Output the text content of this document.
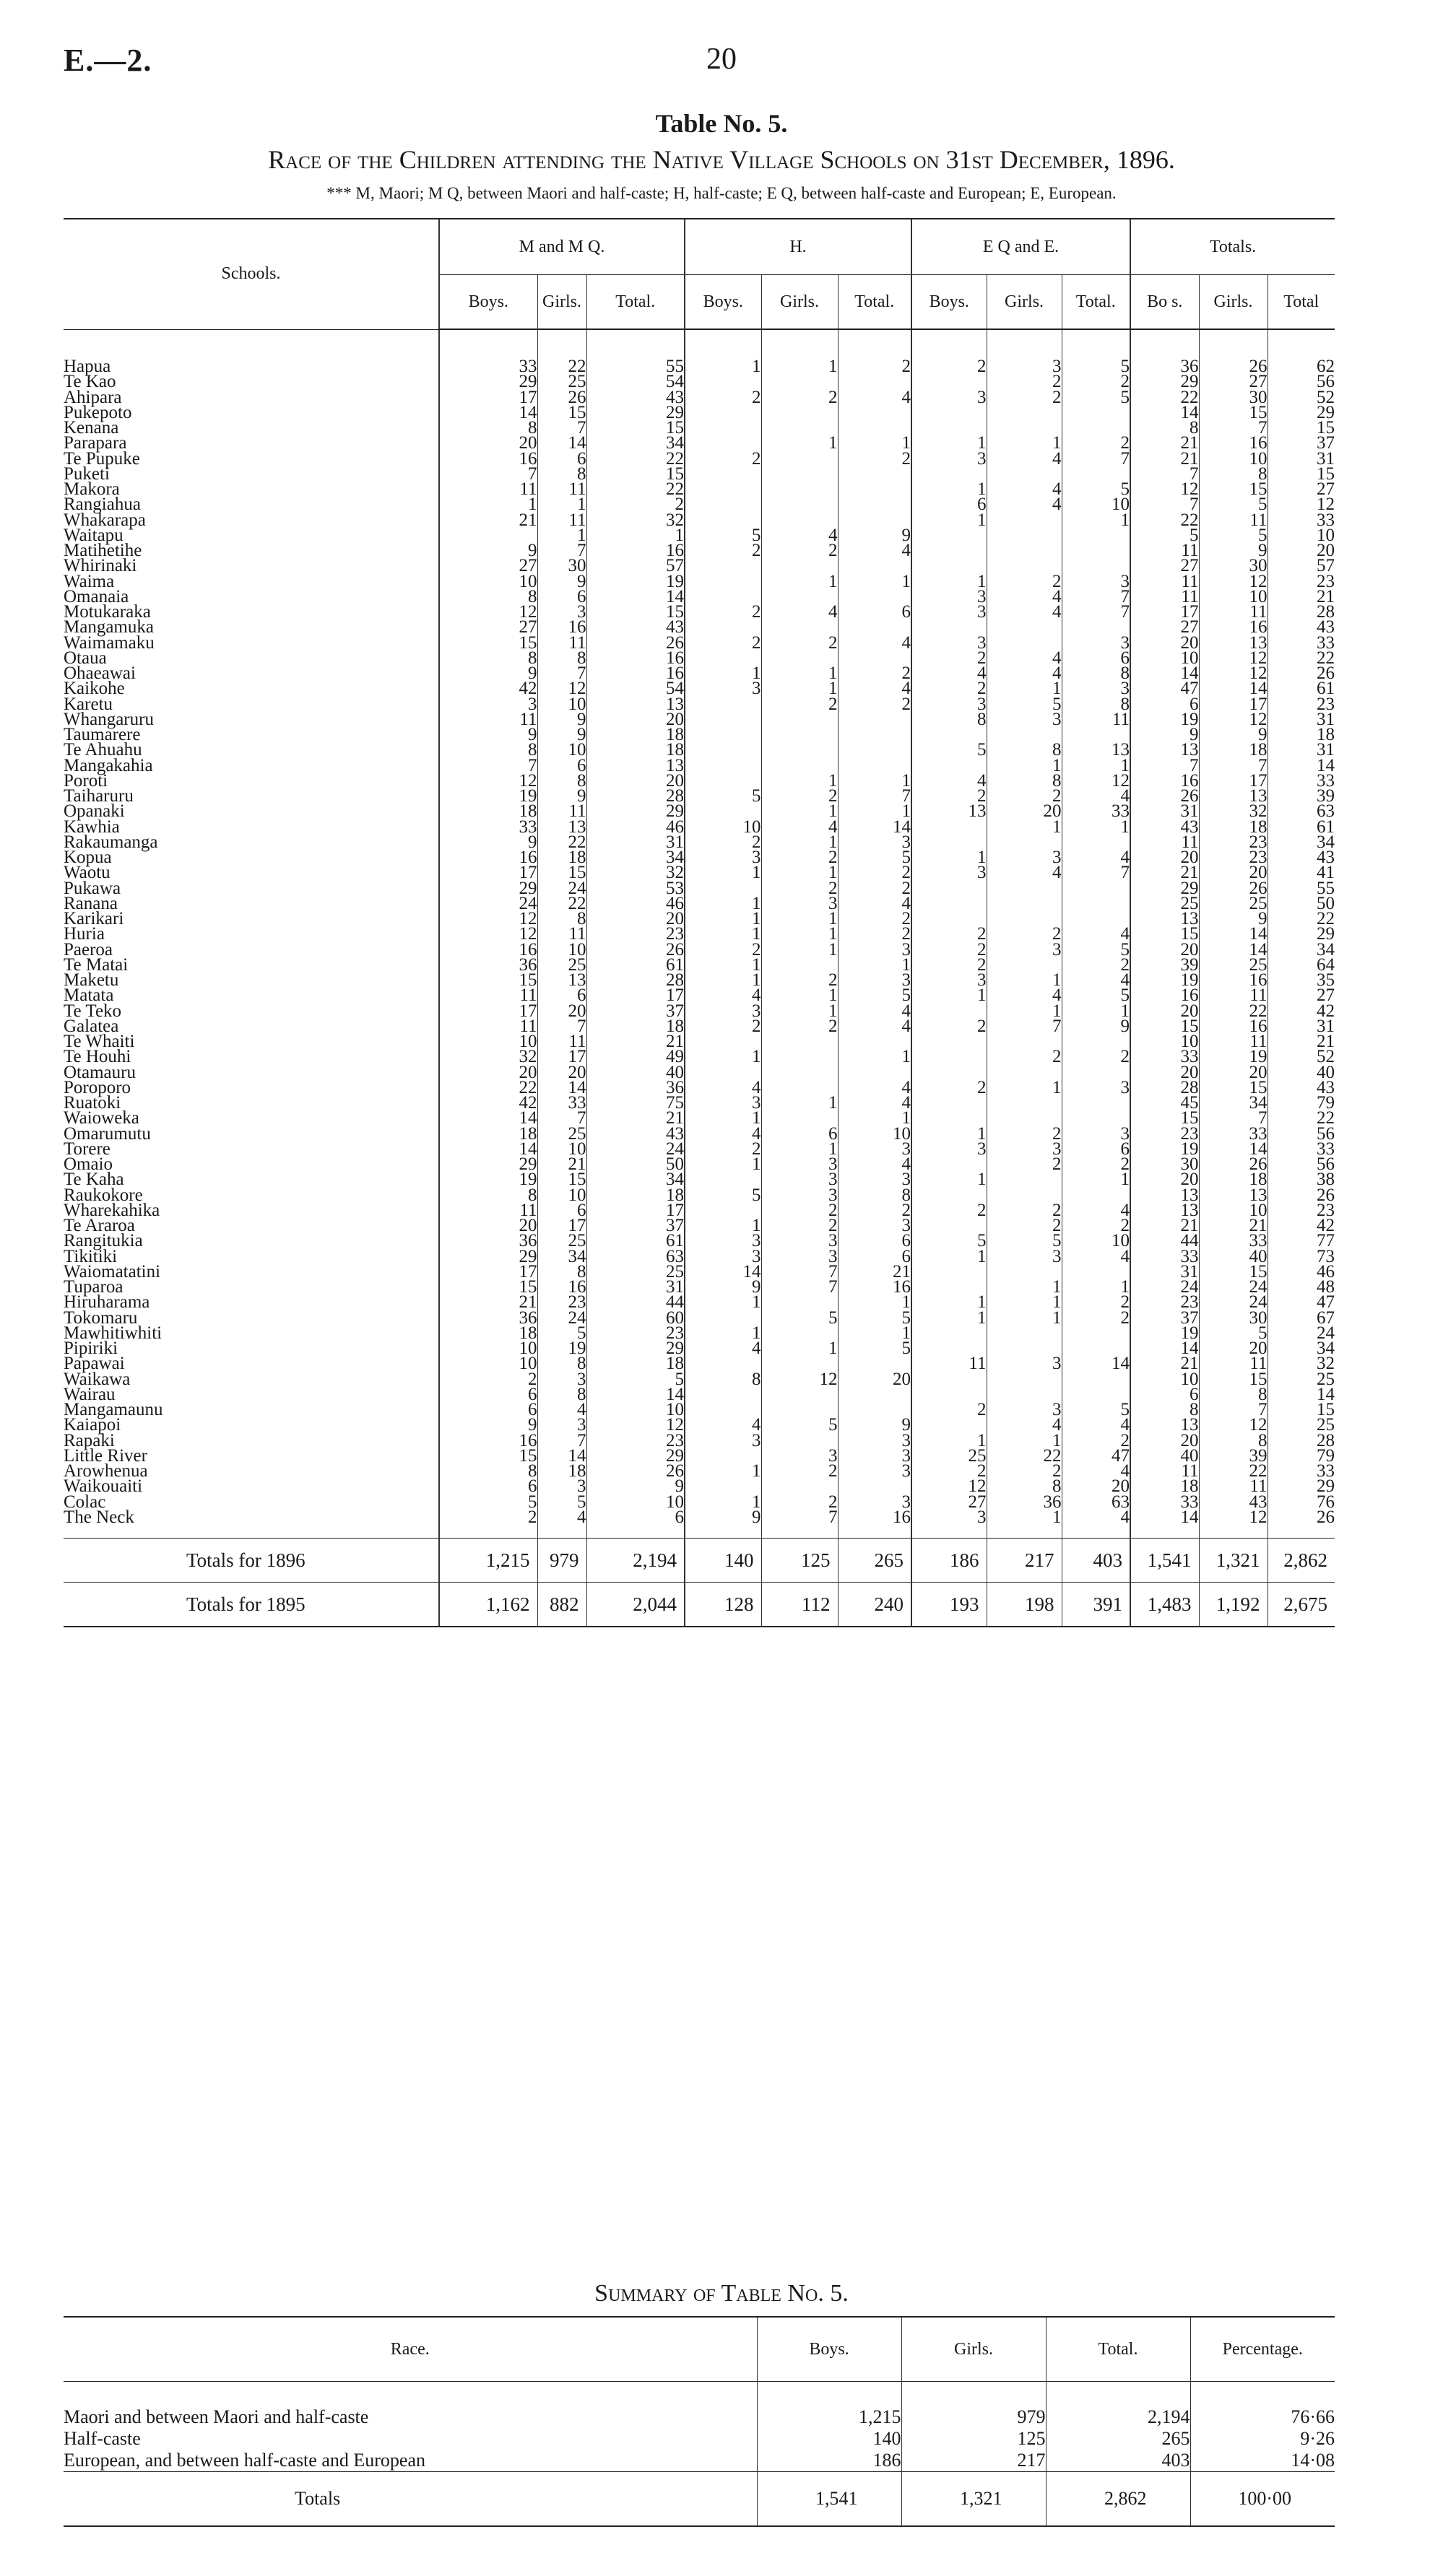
E.—2.	20
Table No. 5.
Race of the Children attending the Native Village Schools on 31st December, 1896.
*** M, Maori; M Q, between Maori and half-caste; H, half-caste; E Q, between half-caste and European; E, European.
Schools.	M and M Q.			H.			E Q and E.			Totals.		
	Boys.	Girls.	Total.	Boys.	Girls.	Total.	Boys.	Girls.	Total.	Bo s.	Girls.	Total

Hapua	33	22	55	1	1	2	2	3	5	36	26	62
Te Kao	29	25	54					2	2	29	27	56
Ahipara	17	26	43	2	2	4	3	2	5	22	30	52
Pukepoto	14	15	29							14	15	29
Kenana	8	7	15							8	7	15
Parapara	20	14	34		1	1	1	1	2	21	16	37
Te Pupuke	16	6	22	2		2	3	4	7	21	10	31
Puketi	7	8	15							7	8	15
Makora	11	11	22				1	4	5	12	15	27
Rangiahua	1	1	2				6	4	10	7	5	12
Whakarapa	21	11	32				1		1	22	11	33
Waitapu		1	1	5	4	9				5	5	10
Matihetihe	9	7	16	2	2	4				11	9	20
Whirinaki	27	30	57							27	30	57
Waima	10	9	19		1	1	1	2	3	11	12	23
Omanaia	8	6	14				3	4	7	11	10	21
Motukaraka	12	3	15	2	4	6	3	4	7	17	11	28
Mangamuka	27	16	43							27	16	43
Waimamaku	15	11	26	2	2	4	3		3	20	13	33
Otaua	8	8	16				2	4	6	10	12	22
Ohaeawai	9	7	16	1	1	2	4	4	8	14	12	26
Kaikohe	42	12	54	3	1	4	2	1	3	47	14	61
Karetu	3	10	13		2	2	3	5	8	6	17	23
Whangaruru	11	9	20				8	3	11	19	12	31
Taumarere	9	9	18							9	9	18
Te Ahuahu	8	10	18				5	8	13	13	18	31
Mangakahia	7	6	13					1	1	7	7	14
Poroti	12	8	20		1	1	4	8	12	16	17	33
Taiharuru	19	9	28	5	2	7	2	2	4	26	13	39
Opanaki	18	11	29		1	1	13	20	33	31	32	63
Kawhia	33	13	46	10	4	14		1	1	43	18	61
Rakaumanga	9	22	31	2	1	3				11	23	34
Kopua	16	18	34	3	2	5	1	3	4	20	23	43
Waotu	17	15	32	1	1	2	3	4	7	21	20	41
Pukawa	29	24	53		2	2				29	26	55
Ranana	24	22	46	1	3	4				25	25	50
Karikari	12	8	20	1	1	2				13	9	22
Huria	12	11	23	1	1	2	2	2	4	15	14	29
Paeroa	16	10	26	2	1	3	2	3	5	20	14	34
Te Matai	36	25	61	1		1	2		2	39	25	64
Maketu	15	13	28	1	2	3	3	1	4	19	16	35
Matata	11	6	17	4	1	5	1	4	5	16	11	27
Te Teko	17	20	37	3	1	4		1	1	20	22	42
Galatea	11	7	18	2	2	4	2	7	9	15	16	31
Te Whaiti	10	11	21							10	11	21
Te Houhi	32	17	49	1		1		2	2	33	19	52
Otamauru	20	20	40							20	20	40
Poroporo	22	14	36	4		4	2	1	3	28	15	43
Ruatoki	42	33	75	3	1	4				45	34	79
Waioweka	14	7	21	1		1				15	7	22
Omarumutu	18	25	43	4	6	10	1	2	3	23	33	56
Torere	14	10	24	2	1	3	3	3	6	19	14	33
Omaio	29	21	50	1	3	4		2	2	30	26	56
Te Kaha	19	15	34		3	3	1		1	20	18	38
Raukokore	8	10	18	5	3	8				13	13	26
Wharekahika	11	6	17		2	2	2	2	4	13	10	23
Te Araroa	20	17	37	1	2	3		2	2	21	21	42
Rangitukia	36	25	61	3	3	6	5	5	10	44	33	77
Tikitiki	29	34	63	3	3	6	1	3	4	33	40	73
Waiomatatini	17	8	25	14	7	21				31	15	46
Tuparoa	15	16	31	9	7	16		1	1	24	24	48
Hiruharama	21	23	44	1		1	1	1	2	23	24	47
Tokomaru	36	24	60		5	5	1	1	2	37	30	67
Mawhitiwhiti	18	5	23	1		1				19	5	24
Pipiriki	10	19	29	4	1	5				14	20	34
Papawai	10	8	18				11	3	14	21	11	32
Waikawa	2	3	5	8	12	20				10	15	25
Wairau	6	8	14							6	8	14
Mangamaunu	6	4	10				2	3	5	8	7	15
Kaiapoi	9	3	12	4	5	9		4	4	13	12	25
Rapaki	16	7	23	3		3	1	1	2	20	8	28
Little River	15	14	29		3	3	25	22	47	40	39	79
Arowhenua	8	18	26	1	2	3	2	2	4	11	22	33
Waikouaiti	6	3	9				12	8	20	18	11	29
Colac	5	5	10	1	2	3	27	36	63	33	43	76
The Neck	2	4	6	9	7	16	3	1	4	14	12	26

Totals for 1896	1,215	979	2,194	140	125	265	186	217	403	1,541	1,321	2,862
Totals for 1895	1,162	882	2,044	128	112	240	193	198	391	1,483	1,192	2,675
Summary of Table No. 5.
Race.	Boys.	Girls.	Total.	Percentage.

Maori and between Maori and half-caste	1,215	979	2,194	76·66
Half-caste	140	125	265	9·26
European, and between half-caste and European	186	217	403	14·08
Totals	1,541	1,321	2,862	100·00
